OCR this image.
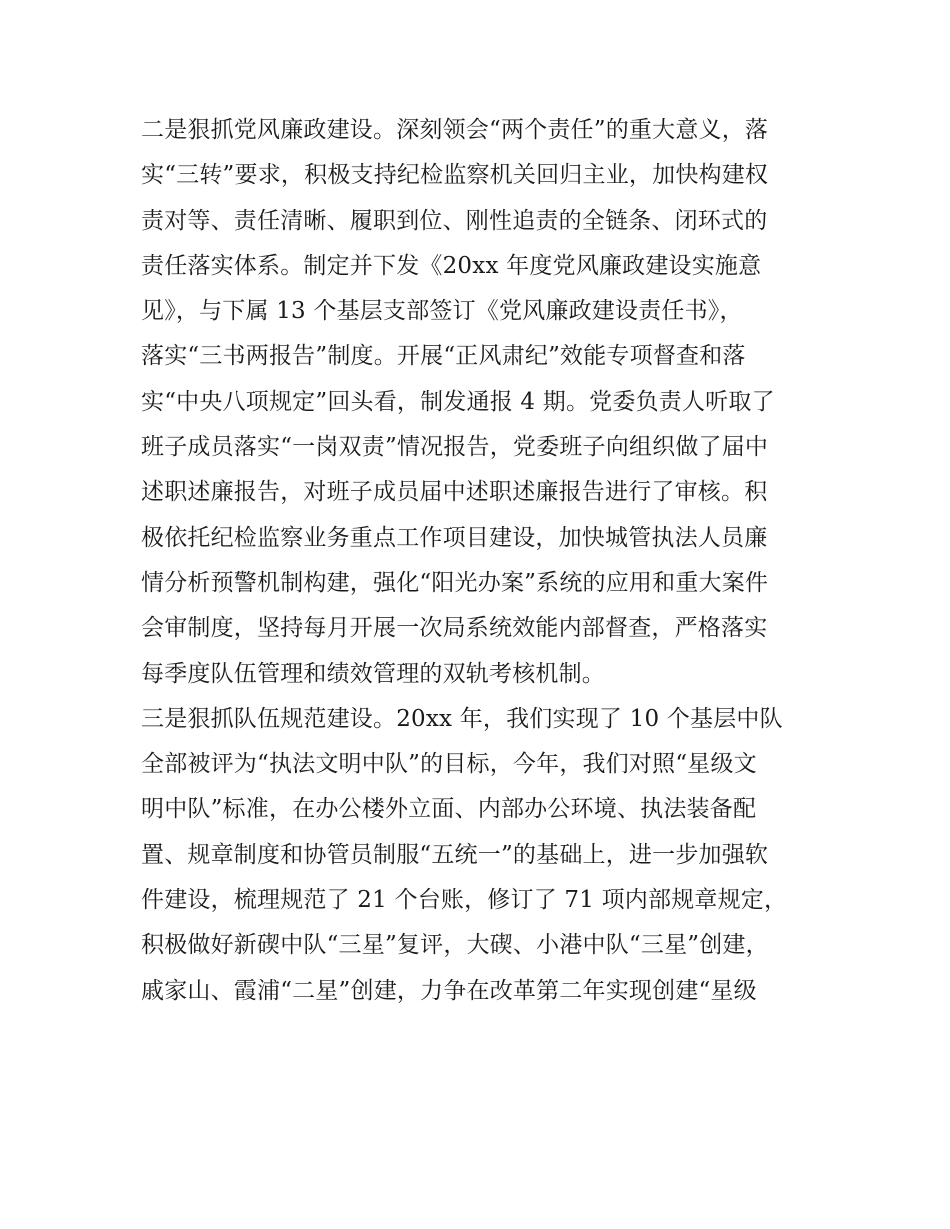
二是狠抓党风廉政建设。深刻领会“两个责任”的重大意义，落
实“三转”要求，积极支持纪检监察机关回归主业，加快构建权
责对等、责任清晰、履职到位、刚性追责的全链条、闭环式的
责任落实体系。制定并下发《20xx 年度党风廉政建设实施意
见》，与下属 13 个基层支部签订《党风廉政建设责任书》，
落实“三书两报告”制度。开展“正风肃纪”效能专项督查和落
实“中央八项规定”回头看，制发通报 4 期。党委负责人听取了
班子成员落实“一岗双责”情况报告，党委班子向组织做了届中
述职述廉报告，对班子成员届中述职述廉报告进行了审核。积
极依托纪检监察业务重点工作项目建设，加快城管执法人员廉
情分析预警机制构建，强化“阳光办案”系统的应用和重大案件
会审制度，坚持每月开展一次局系统效能内部督查，严格落实
每季度队伍管理和绩效管理的双轨考核机制。
三是狠抓队伍规范建设。20xx 年，我们实现了 10 个基层中队
全部被评为“执法文明中队”的目标，今年，我们对照“星级文
明中队”标准，在办公楼外立面、内部办公环境、执法装备配
置、规章制度和协管员制服“五统一”的基础上，进一步加强软
件建设，梳理规范了 21 个台账，修订了 71 项内部规章规定，
积极做好新碶中队“三星”复评，大碶、小港中队“三星”创建，
戚家山、霞浦“二星”创建，力争在改革第二年实现创建“星级
